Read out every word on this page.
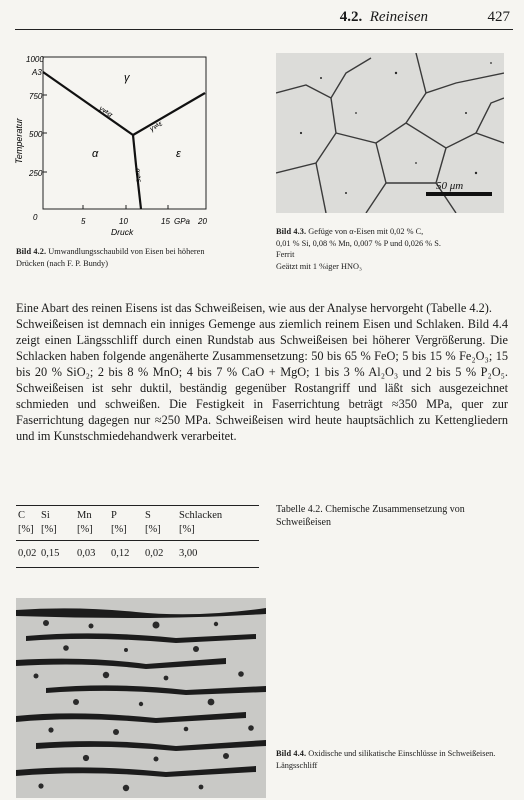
4.2. Reineisen	427
Temperatur
1000
A3
750
500
250
0
γ
α	ε
γ⇌α
γ⇌ε
α⇌ε
5	10	15 GPa 20
Druck
Bild 4.2. Umwandlungsschaubild von Eisen bei höheren Drücken (nach F. P. Bundy)
50 μm
Bild 4.3. Gefüge von α-Eisen mit 0,02 % C,
0,01 % Si, 0,08 % Mn, 0,007 % P und 0,026 % S.
Ferrit
Geätzt mit 1 %iger HNO₃

Eine Abart des reinen Eisens ist das Schweißeisen, wie aus der Analyse hervorgeht (Tabelle 4.2).

Schweißeisen ist demnach ein inniges Gemenge aus ziemlich reinem Eisen und Schlaken. Bild 4.4 zeigt einen Längsschliff durch einen Rundstab aus Schweißeisen bei höherer Vergrößerung. Die Schlacken haben folgende angenäherte Zusammensetzung: 50 bis 65 % FeO; 5 bis 15 % Fe₂O₃; 15 bis 20 % SiO₂; 2 bis 8 % MnO; 4 bis 7 % CaO + MgO; 1 bis 3 % Al₂O₃ und 2 bis 5 % P₂O₅. Schweißeisen ist sehr duktil, beständig gegenüber Rostangriff und läßt sich ausgezeichnet schmieden und schweißen. Die Festigkeit in Faserrichtung beträgt ≈350 MPa, quer zur Faserrichtung dagegen nur ≈250 MPa. Schweißeisen wird heute hauptsächlich zu Kettengliedern und im Kunstschmiedehandwerk verarbeitet.

C	Si	Mn	P	S	Schlacken
[%]	[%]	[%]	[%]	[%]	[%]

0,02	0,15	0,03	0,12	0,02	3,00
Tabelle 4.2. Chemische Zusammensetzung von Schweißeisen
Bild 4.4. Oxidische und silikatische Einschlüsse in Schweißeisen. Längsschliff
